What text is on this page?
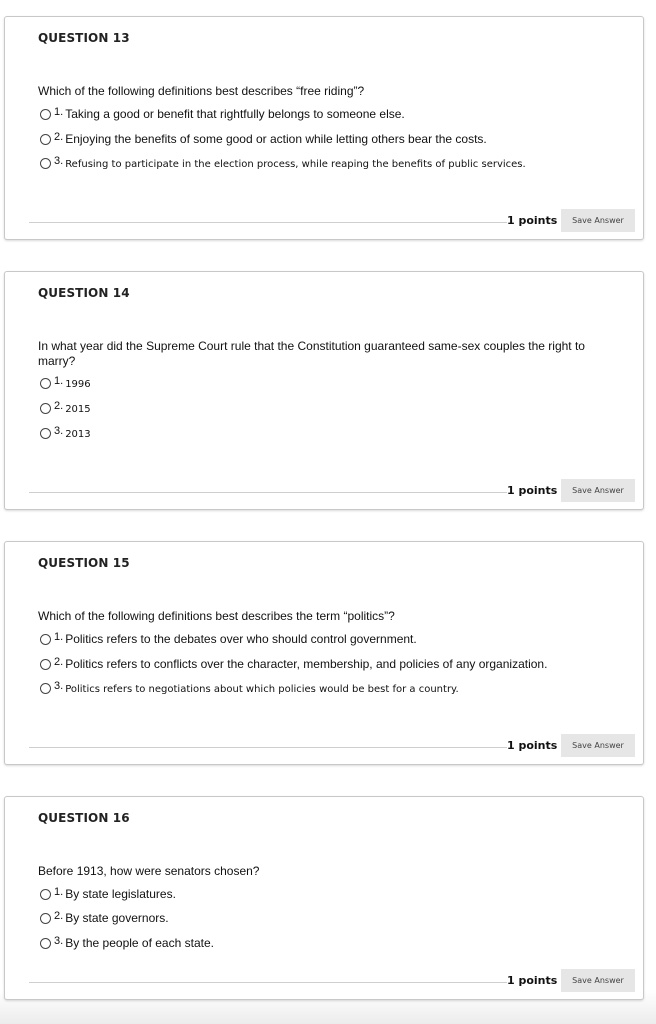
QUESTION 13
Which of the following definitions best describes “free riding”?
1. Taking a good or benefit that rightfully belongs to someone else.
2. Enjoying the benefits of some good or action while letting others bear the costs.
3. Refusing to participate in the election process, while reaping the benefits of public services.
1 points	Save Answer
QUESTION 14
In what year did the Supreme Court rule that the Constitution guaranteed same-sex couples the right to marry?
1. 1996
2. 2015
3. 2013
1 points	Save Answer
QUESTION 15
Which of the following definitions best describes the term “politics”?
1. Politics refers to the debates over who should control government.
2. Politics refers to conflicts over the character, membership, and policies of any organization.
3. Politics refers to negotiations about which policies would be best for a country.
1 points	Save Answer
QUESTION 16
Before 1913, how were senators chosen?
1. By state legislatures.
2. By state governors.
3. By the people of each state.
1 points	Save Answer
